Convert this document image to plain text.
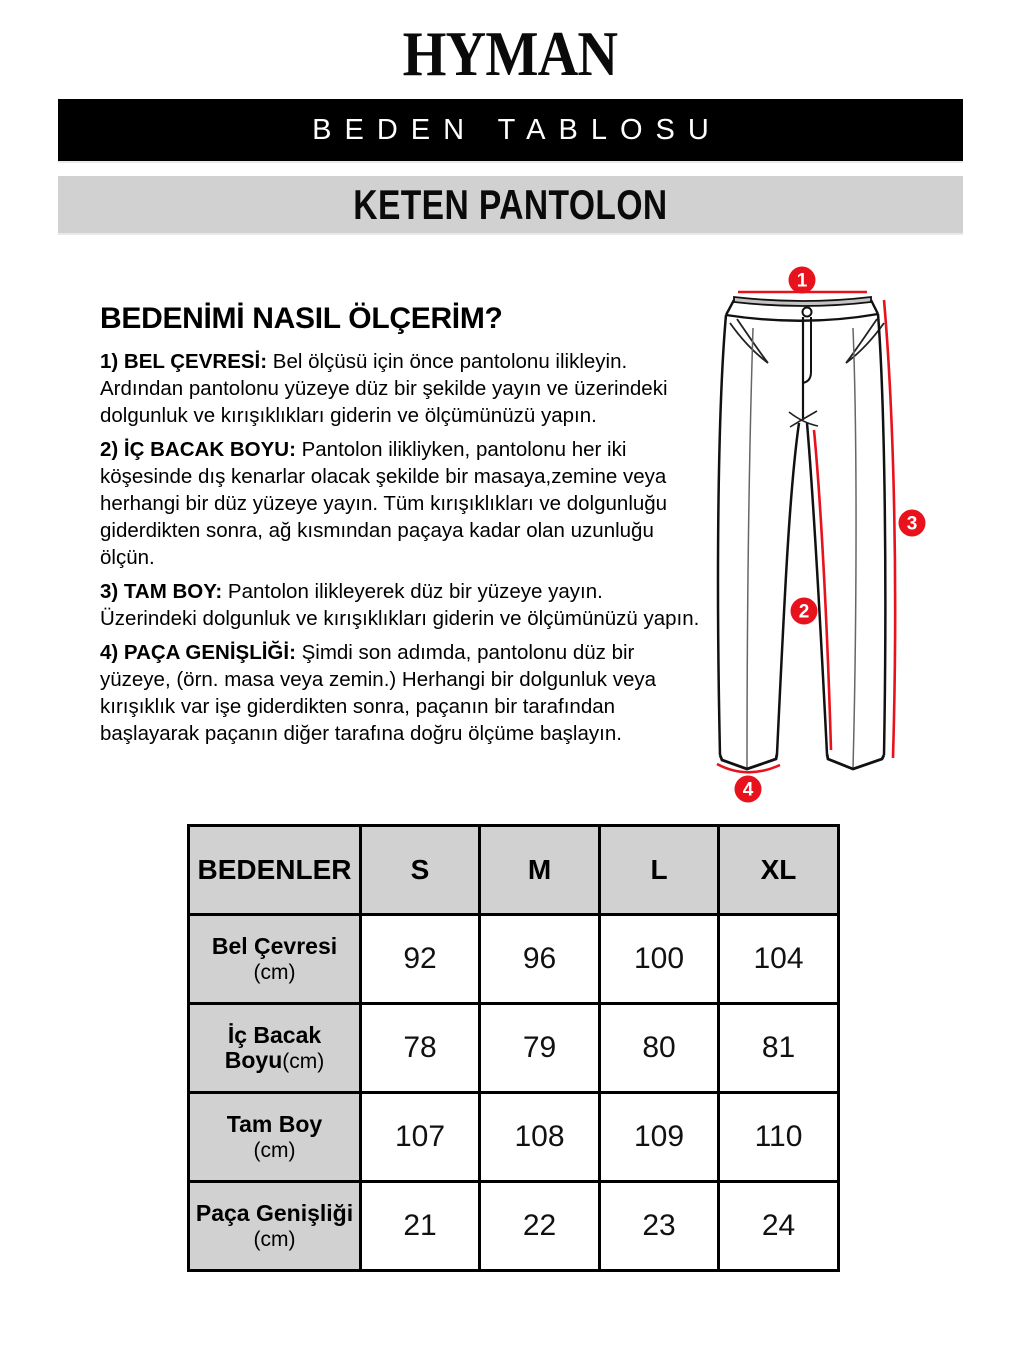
HYMAN
BEDEN TABLOSU
KETEN PANTOLON
BEDENİMİ NASIL ÖLÇERİM?

1) BEL ÇEVRESİ: Bel ölçüsü için önce pantolonu ilikleyin. Ardından pantolonu yüzeye düz bir şekilde yayın ve üzerindeki dolgunluk ve kırışıklıkları giderin ve ölçümünüzü yapın.

2) İÇ BACAK BOYU: Pantolon ilikliyken, pantolonu her iki köşesinde dış kenarlar olacak şekilde bir masaya,zemine veya herhangi bir düz yüzeye yayın. Tüm kırışıklıkları ve dolgunluğu giderdikten sonra, ağ kısmından paçaya kadar olan uzunluğu ölçün.

3) TAM BOY: Pantolon ilikleyerek düz bir yüzeye yayın. Üzerindeki dolgunluk ve kırışıklıkları giderin ve ölçümünüzü yapın.

4) PAÇA GENİŞLİĞİ: Şimdi son adımda, pantolonu düz bir yüzeye, (örn. masa veya zemin.) Herhangi bir dolgunluk veya kırışıklık var işe giderdikten sonra, paçanın bir tarafından başlayarak paçanın diğer tarafına doğru ölçüme başlayın.

1
2
3
4
BEDENLER	S	M	L	XL

Bel Çevresi
(cm)	92	96	100	104

İç Bacak
Boyu(cm)	78	79	80	81

Tam Boy
(cm)	107	108	109	110

Paça Genişliği
(cm)	21	22	23	24
